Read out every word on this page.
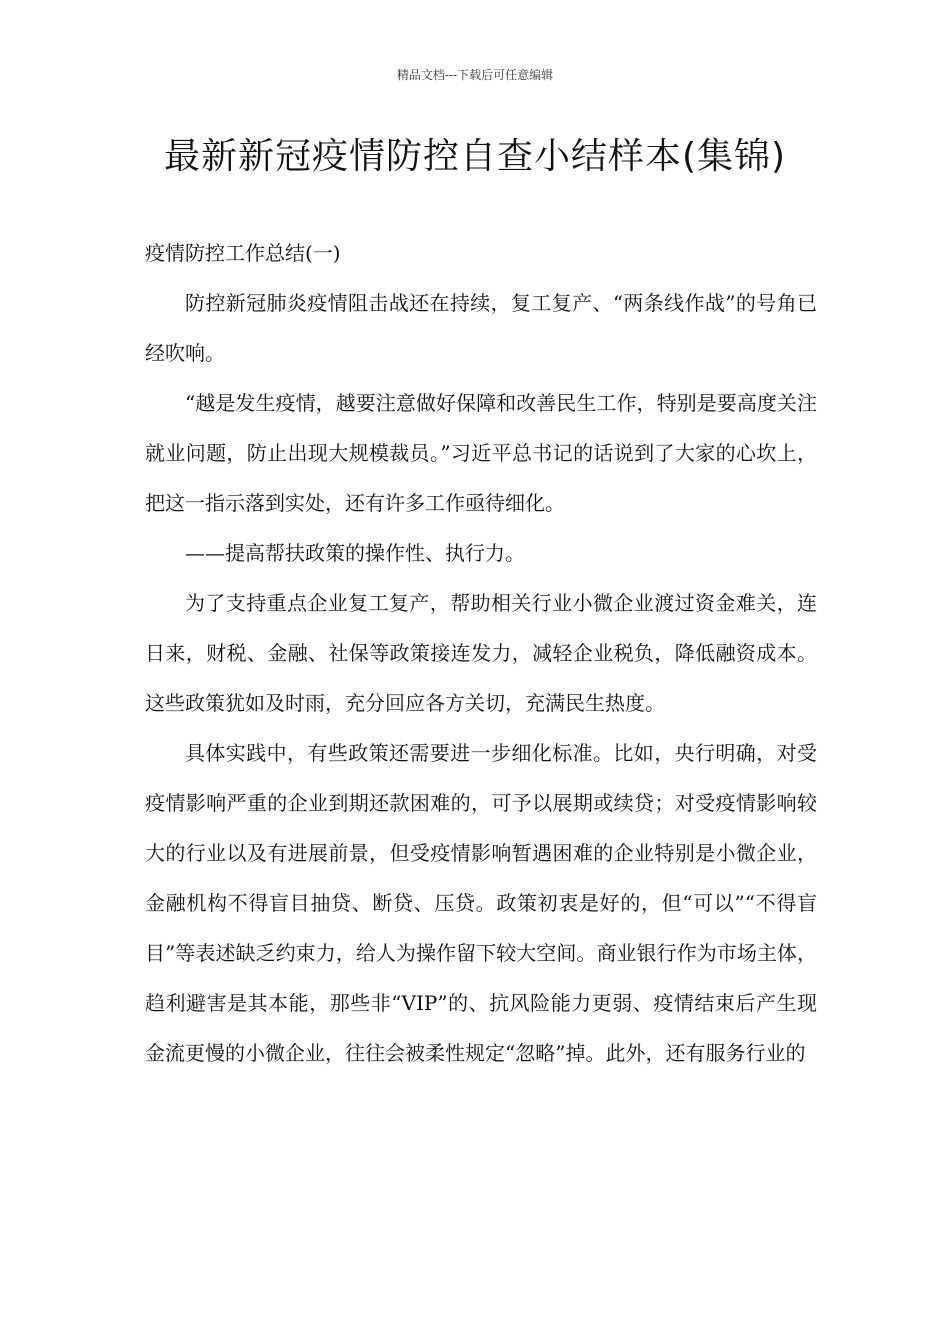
精品文档---下载后可任意编辑
最新新冠疫情防控自查小结样本(集锦)

疫情防控工作总结(一)

防控新冠肺炎疫情阻击战还在持续，复工复产、“两条线作战”的号角已经吹响。

“越是发生疫情，越要注意做好保障和改善民生工作，特别是要高度关注就业问题，防止出现大规模裁员。”习近平总书记的话说到了大家的心坎上，把这一指示落到实处，还有许多工作亟待细化。

——提高帮扶政策的操作性、执行力。

为了支持重点企业复工复产，帮助相关行业小微企业渡过资金难关，连日来，财税、金融、社保等政策接连发力，减轻企业税负，降低融资成本。这些政策犹如及时雨，充分回应各方关切，充满民生热度。

具体实践中，有些政策还需要进一步细化标准。比如，央行明确，对受疫情影响严重的企业到期还款困难的，可予以展期或续贷；对受疫情影响较大的行业以及有进展前景，但受疫情影响暂遇困难的企业特别是小微企业，金融机构不得盲目抽贷、断贷、压贷。政策初衷是好的，但“可以”“不得盲目”等表述缺乏约束力，给人为操作留下较大空间。商业银行作为市场主体，趋利避害是其本能，那些非“VIP”的、抗风险能力更弱、疫情结束后产生现金流更慢的小微企业，往往会被柔性规定“忽略”掉。此外，还有服务行业的
